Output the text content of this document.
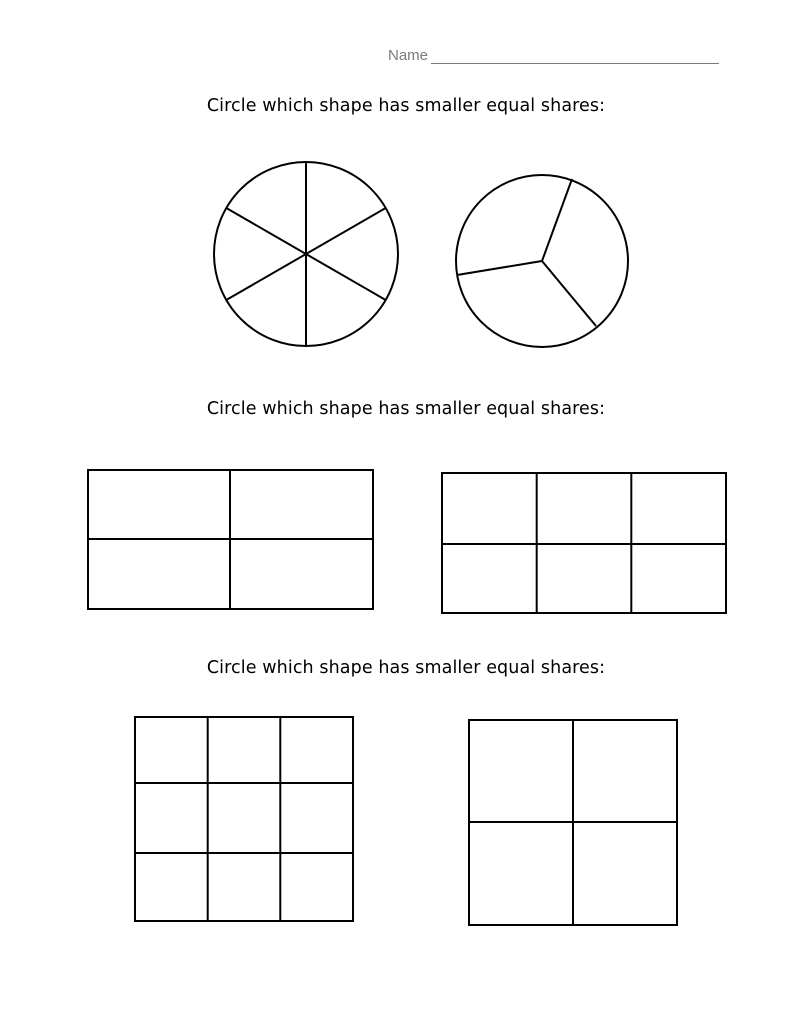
Name
Circle which shape has smaller equal shares:
Circle which shape has smaller equal shares:
Circle which shape has smaller equal shares:
